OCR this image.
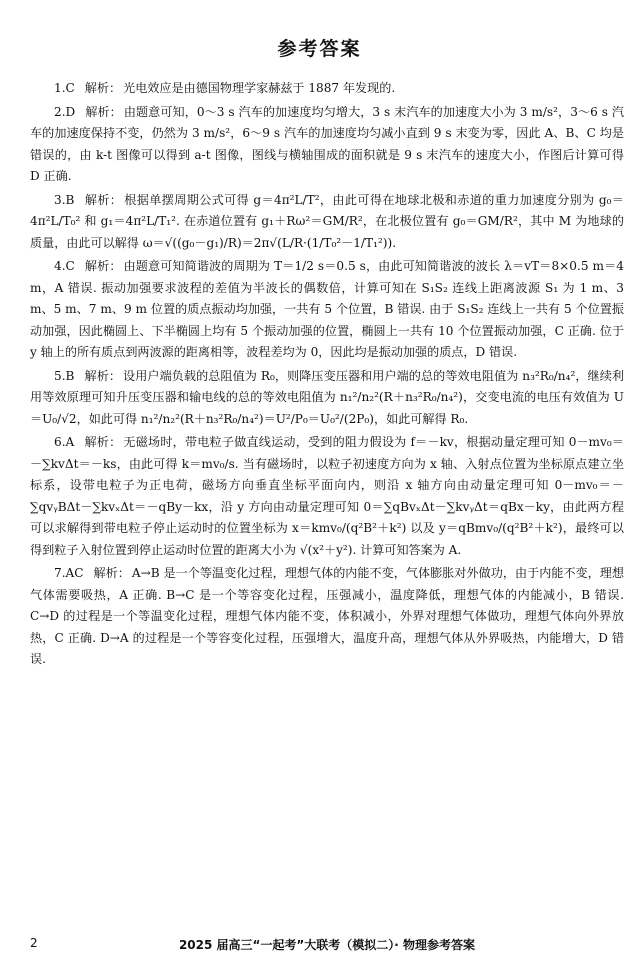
参考答案

1.C 解析： 光电效应是由德国物理学家赫兹于 1887 年发现的.

2.D 解析： 由题意可知，0～3 s 汽车的加速度均匀增大，3 s 末汽车的加速度大小为 3 m/s²，3～6 s 汽车的加速度保持不变，仍然为 3 m/s²，6～9 s 汽车的加速度均匀减小直到 9 s 末变为零，因此 A、B、C 均是错误的，由 k-t 图像可以得到 a-t 图像，图线与横轴围成的面积就是 9 s 末汽车的速度大小，作图后计算可得 D 正确.

3.B 解析： 根据单摆周期公式可得 g＝4π²L/T²，由此可得在地球北极和赤道的重力加速度分别为 g₀＝4π²L/T₀² 和 g₁＝4π²L/T₁². 在赤道位置有 g₁＋Rω²＝GM/R²，在北极位置有 g₀＝GM/R²，其中 M 为地球的质量，由此可以解得 ω＝√((g₀－g₁)/R)＝2π√(L/R·(1/T₀²－1/T₁²)).

4.C 解析： 由题意可知简谐波的周期为 T＝1/2 s＝0.5 s，由此可知简谐波的波长 λ＝vT＝8×0.5 m＝4 m，A 错误. 振动加强要求波程的差值为半波长的偶数倍，计算可知在 S₁S₂ 连线上距离波源 S₁ 为 1 m、3 m、5 m、7 m、9 m 位置的质点振动均加强，一共有 5 个位置，B 错误. 由于 S₁S₂ 连线上一共有 5 个位置振动加强，因此椭圆上、下半椭圆上均有 5 个振动加强的位置，椭圆上一共有 10 个位置振动加强，C 正确. 位于 y 轴上的所有质点到两波源的距离相等，波程差均为 0，因此均是振动加强的质点，D 错误.

5.B 解析： 设用户端负载的总阻值为 R₀，则降压变压器和用户端的总的等效电阻值为 n₃²R₀/n₄²，继续利用等效原理可知升压变压器和输电线的总的等效电阻值为 n₁²/n₂²(R＋n₃²R₀/n₄²)，交变电流的电压有效值为 U＝U₀/√2，如此可得 n₁²/n₂²(R＋n₃²R₀/n₄²)＝U²/P₀＝U₀²/(2P₀)，如此可解得 R₀.

6.A 解析： 无磁场时，带电粒子做直线运动，受到的阻力假设为 f＝－kv，根据动量定理可知 0－mv₀＝－∑kvΔt＝－ks，由此可得 k＝mv₀/s. 当有磁场时，以粒子初速度方向为 x 轴、入射点位置为坐标原点建立坐标系，设带电粒子为正电荷，磁场方向垂直坐标平面向内，则沿 x 轴方向由动量定理可知 0－mv₀＝－∑qvᵧBΔt－∑kvₓΔt＝－qBy－kx，沿 y 方向由动量定理可知 0＝∑qBvₓΔt－∑kvᵧΔt＝qBx－ky，由此两方程可以求解得到带电粒子停止运动时的位置坐标为 x＝kmv₀/(q²B²＋k²) 以及 y＝qBmv₀/(q²B²＋k²)，最终可以得到粒子入射位置到停止运动时位置的距离大小为 √(x²＋y²). 计算可知答案为 A.

7.AC 解析： A→B 是一个等温变化过程，理想气体的内能不变，气体膨胀对外做功，由于内能不变，理想气体需要吸热，A 正确. B→C 是一个等容变化过程，压强减小，温度降低，理想气体的内能减小，B 错误. C→D 的过程是一个等温变化过程，理想气体内能不变，体积减小，外界对理想气体做功，理想气体向外界放热，C 正确. D→A 的过程是一个等容变化过程，压强增大，温度升高，理想气体从外界吸热，内能增大，D 错误.

2	2025 届高三“一起考”大联考（模拟二）· 物理参考答案
